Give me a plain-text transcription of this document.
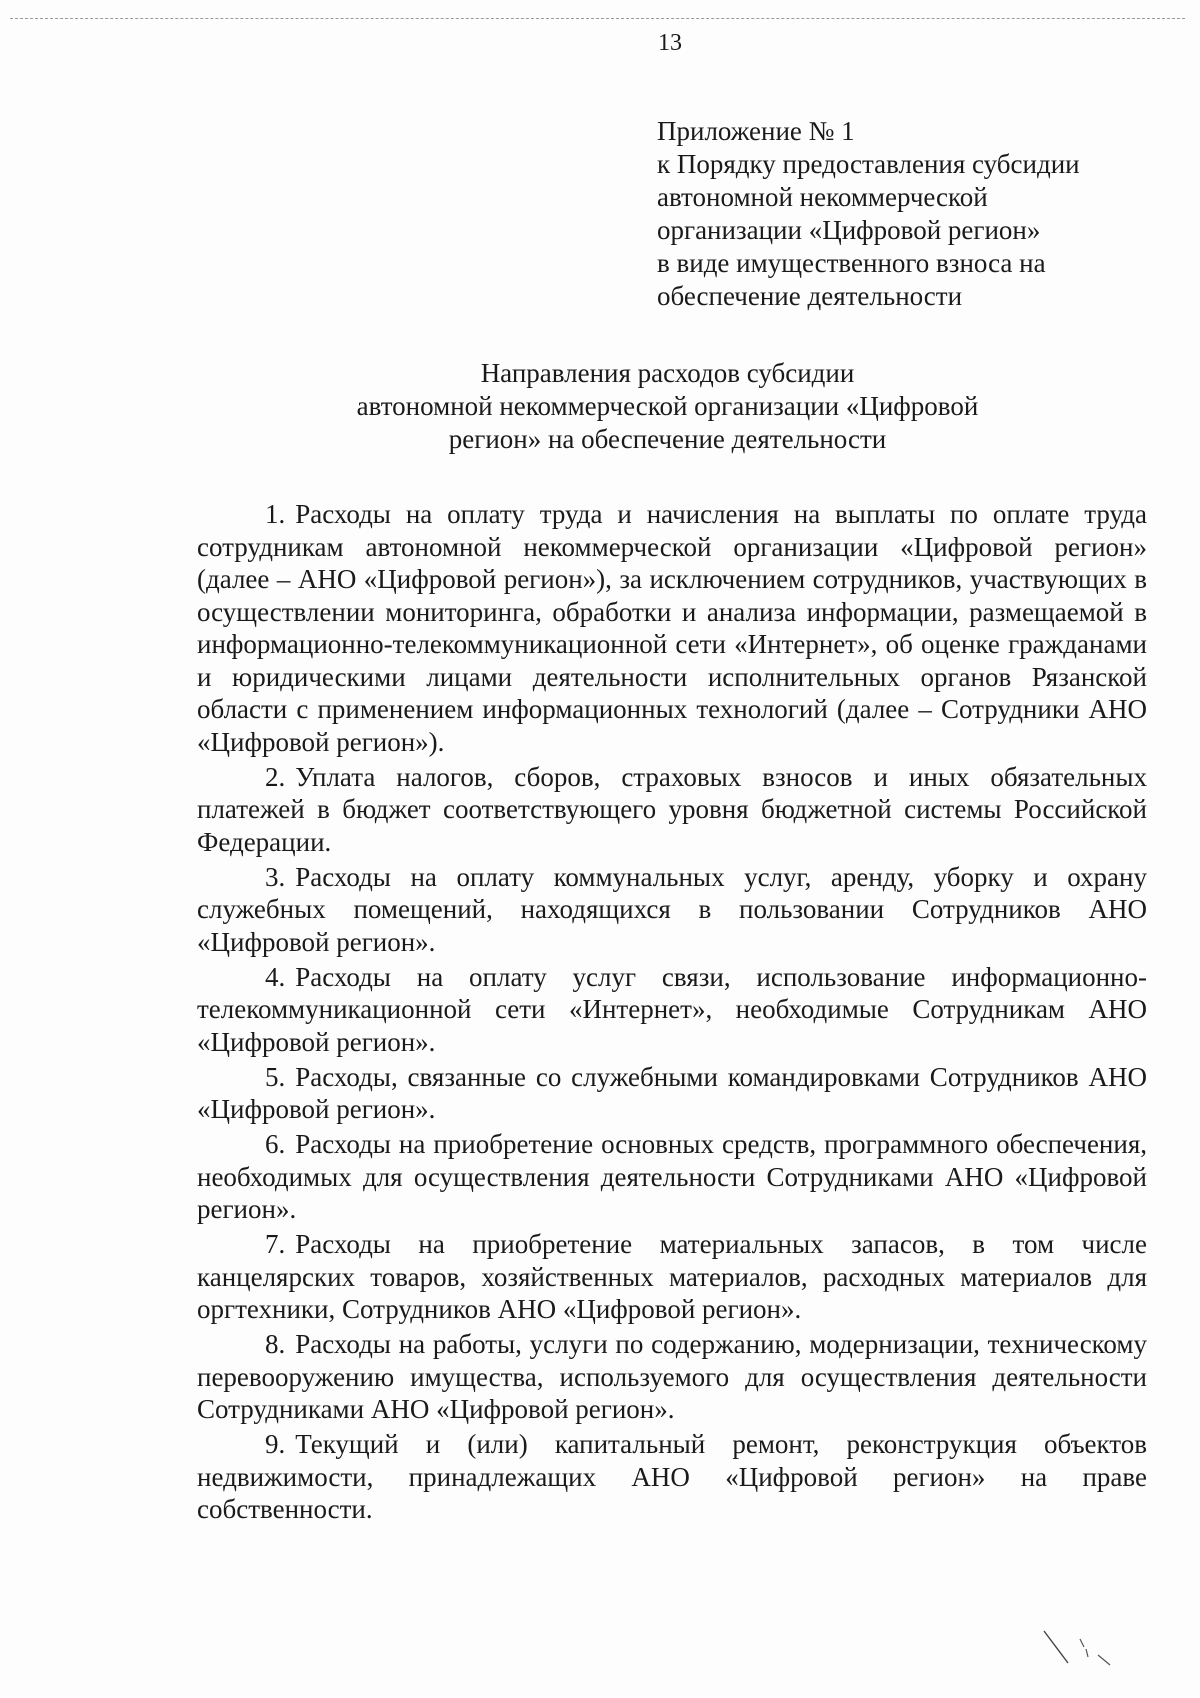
13
Приложение № 1
к Порядку предоставления субсидии
автономной некоммерческой
организации «Цифровой регион»
в виде имущественного взноса на
обеспечение деятельности
Направления расходов субсидии
автономной некоммерческой организации «Цифровой
регион» на обеспечение деятельности

1. Расходы на оплату труда и начисления на выплаты по оплате труда сотрудникам автономной некоммерческой организации «Цифровой регион» (далее – АНО «Цифровой регион»), за исключением сотрудников, участвующих в осуществлении мониторинга, обработки и анализа информации, размещаемой в информационно-телекоммуникационной сети «Интернет», об оценке гражданами и юридическими лицами деятельности исполнительных органов Рязанской области с применением информационных технологий (далее – Сотрудники АНО «Цифровой регион»).

2. Уплата налогов, сборов, страховых взносов и иных обязательных платежей в бюджет соответствующего уровня бюджетной системы Российской Федерации.

3. Расходы на оплату коммунальных услуг, аренду, уборку и охрану служебных помещений, находящихся в пользовании Сотрудников АНО «Цифровой регион».

4. Расходы на оплату услуг связи, использование информационно-телекоммуникационной сети «Интернет», необходимые Сотрудникам АНО «Цифровой регион».

5. Расходы, связанные со служебными командировками Сотрудников АНО «Цифровой регион».

6. Расходы на приобретение основных средств, программного обеспечения, необходимых для осуществления деятельности Сотрудниками АНО «Цифровой регион».

7. Расходы на приобретение материальных запасов, в том числе канцелярских товаров, хозяйственных материалов, расходных материалов для оргтехники, Сотрудников АНО «Цифровой регион».

8. Расходы на работы, услуги по содержанию, модернизации, техническому перевооружению имущества, используемого для осуществления деятельности Сотрудниками АНО «Цифровой регион».

9. Текущий и (или) капитальный ремонт, реконструкция объектов недвижимости, принадлежащих АНО «Цифровой регион» на праве собственности.
